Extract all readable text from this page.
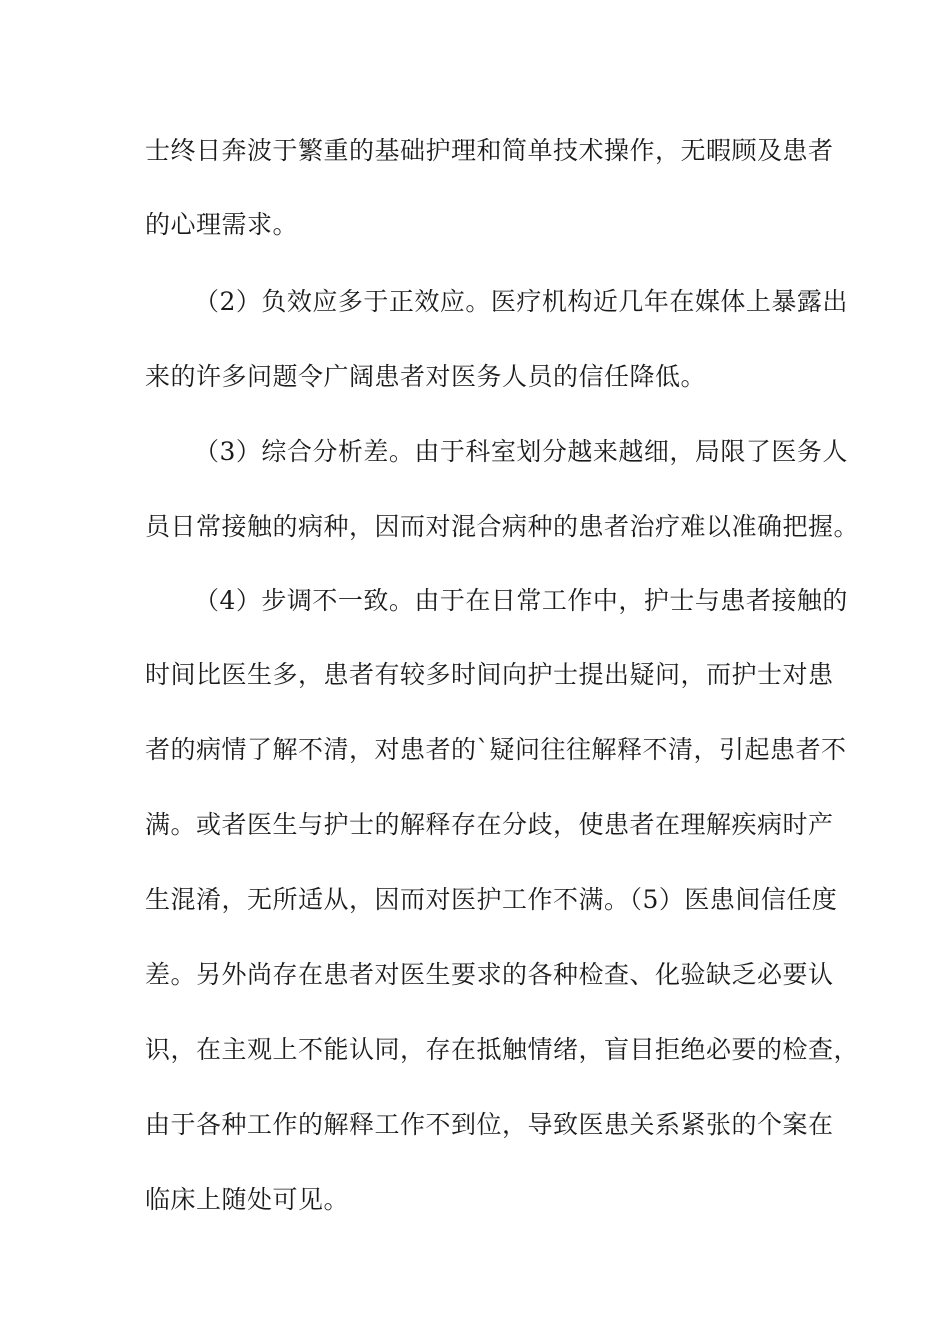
士终日奔波于繁重的基础护理和简单技术操作，无暇顾及患者
的心理需求。
（2）负效应多于正效应。医疗机构近几年在媒体上暴露出
来的许多问题令广阔患者对医务人员的信任降低。
（3）综合分析差。由于科室划分越来越细，局限了医务人
员日常接触的病种，因而对混合病种的患者治疗难以准确把握。
（4）步调不一致。由于在日常工作中，护士与患者接触的
时间比医生多，患者有较多时间向护士提出疑问，而护士对患
者的病情了解不清，对患者的`疑问往往解释不清，引起患者不
满。或者医生与护士的解释存在分歧，使患者在理解疾病时产
生混淆，无所适从，因而对医护工作不满。（5）医患间信任度
差。另外尚存在患者对医生要求的各种检查、化验缺乏必要认
识，在主观上不能认同，存在抵触情绪，盲目拒绝必要的检查，
由于各种工作的解释工作不到位，导致医患关系紧张的个案在
临床上随处可见。
